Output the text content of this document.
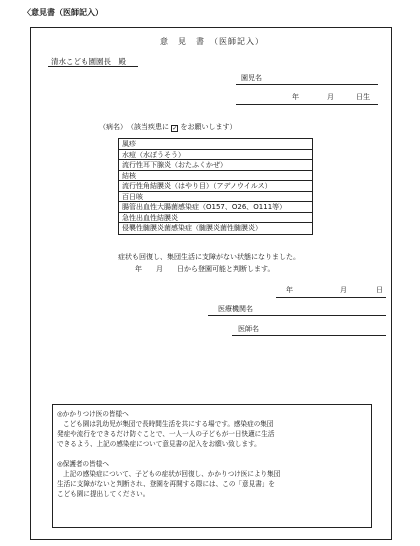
〈意見書（医師記入）
意　見　書　（医師記入）
清水こども園園長　殿
園児名
年	月	日生
（病名）　（該当疾患に ✓ をお願いします）
風疹
水痘（水ぼうそう）
流行性耳下腺炎（おたふくかぜ）
結核
流行性角結膜炎（はやり目）（アデノウイルス）
百日咳
腸管出血性大腸菌感染症（O157、O26、O111等）
急性出血性結膜炎
侵襲性髄膜炎菌感染症（髄膜炎菌性髄膜炎）
症状も回復し、集団生活に支障がない状態になりました。
年　　月　　日から登園可能と判断します。
年	月	日
医療機関名
医師名

◎かかりつけ医の皆様へ

こども園は乳幼児が集団で長時間生活を共にする場です。感染症の集団

発症や流行をできるだけ防ぐことで、一人一人の子どもが一日快適に生活

できるよう、上記の感染症について意見書の記入をお願い致します。

◎保護者の皆様へ

上記の感染症について、子どもの症状が回復し、かかりつけ医により集団

生活に支障がないと判断され、登園を再開する際には、この「意見書」を

こども園に提出してください。
